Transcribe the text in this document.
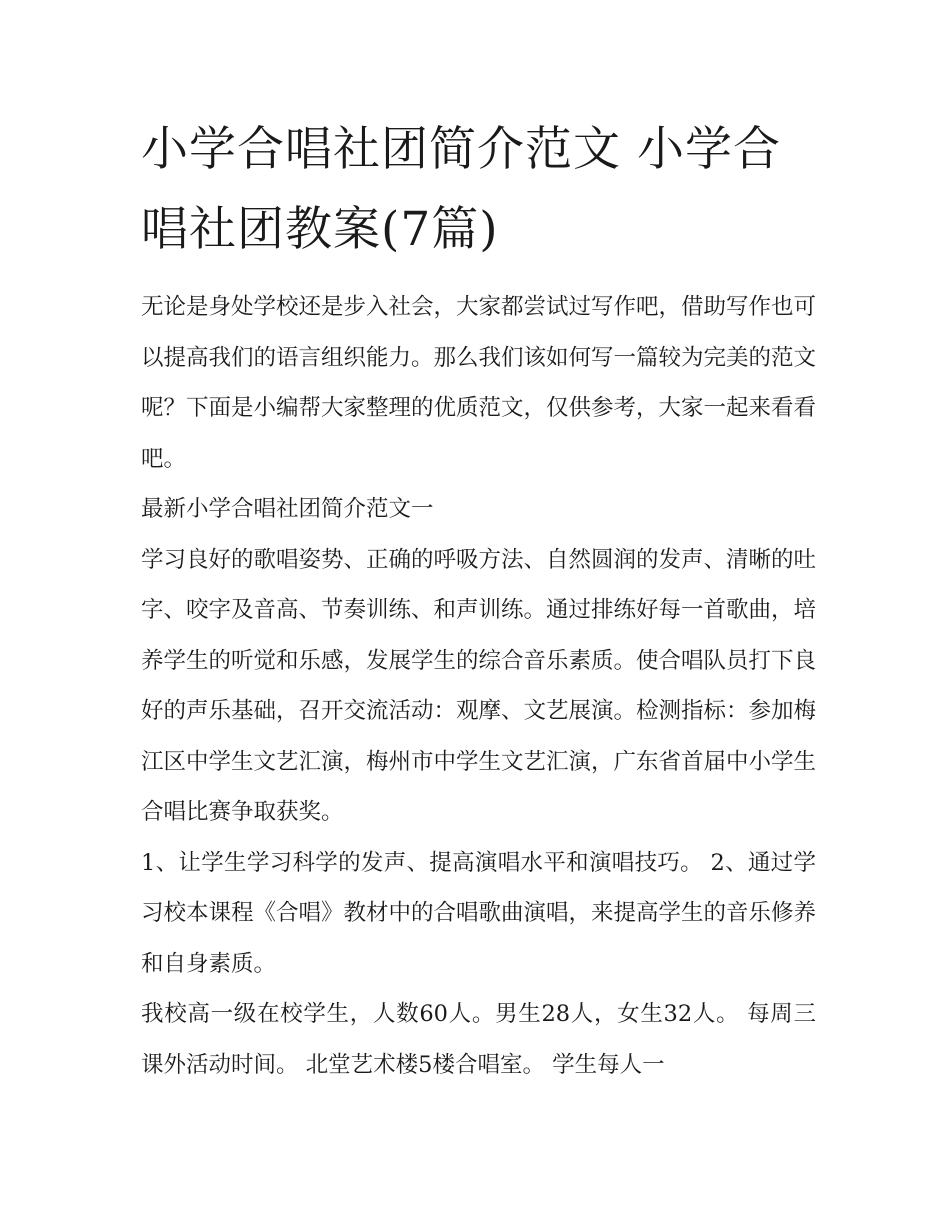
小学合唱社团简介范文 小学合唱社团教案(7篇)

无论是身处学校还是步入社会，大家都尝试过写作吧，借助写作也可以提高我们的语言组织能力。那么我们该如何写一篇较为完美的范文呢？下面是小编帮大家整理的优质范文，仅供参考，大家一起来看看吧。

最新小学合唱社团简介范文一

学习良好的歌唱姿势、正确的呼吸方法、自然圆润的发声、清晰的吐字、咬字及音高、节奏训练、和声训练。通过排练好每一首歌曲，培养学生的听觉和乐感，发展学生的综合音乐素质。使合唱队员打下良好的声乐基础，召开交流活动：观摩、文艺展演。检测指标：参加梅江区中学生文艺汇演，梅州市中学生文艺汇演，广东省首届中小学生合唱比赛争取获奖。

1、让学生学习科学的发声、提高演唱水平和演唱技巧。 2、通过学习校本课程《合唱》教材中的合唱歌曲演唱，来提高学生的音乐修养和自身素质。

我校高一级在校学生，人数60人。男生28人，女生32人。 每周三课外活动时间。 北堂艺术楼5楼合唱室。 学生每人一
